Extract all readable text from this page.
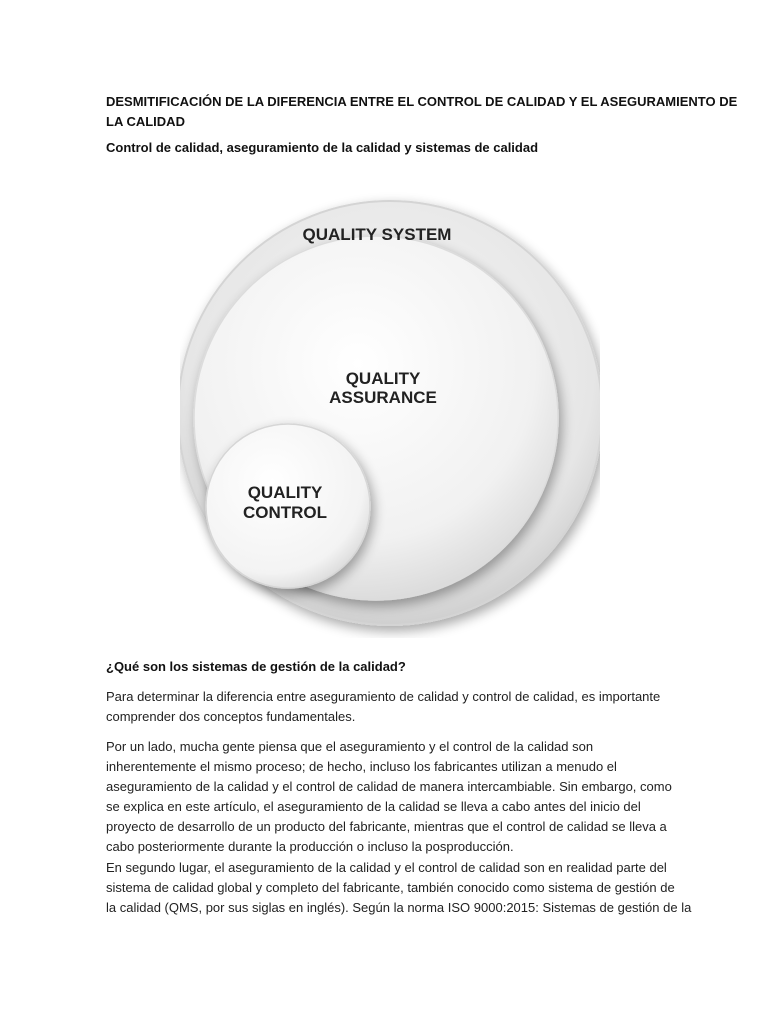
DESMITIFICACIÓN DE LA DIFERENCIA ENTRE EL CONTROL DE CALIDAD Y EL ASEGURAMIENTO DE
LA CALIDAD
Control de calidad, aseguramiento de la calidad y sistemas de calidad
QUALITY SYSTEM
QUALITY
ASSURANCE
QUALITY
CONTROL
¿Qué son los sistemas de gestión de la calidad?
Para determinar la diferencia entre aseguramiento de calidad y control de calidad, es importante
comprender dos conceptos fundamentales.
Por un lado, mucha gente piensa que el aseguramiento y el control de la calidad son
inherentemente el mismo proceso; de hecho, incluso los fabricantes utilizan a menudo el
aseguramiento de la calidad y el control de calidad de manera intercambiable. Sin embargo, como
se explica en este artículo, el aseguramiento de la calidad se lleva a cabo antes del inicio del
proyecto de desarrollo de un producto del fabricante, mientras que el control de calidad se lleva a
cabo posteriormente durante la producción o incluso la posproducción.
En segundo lugar, el aseguramiento de la calidad y el control de calidad son en realidad parte del
sistema de calidad global y completo del fabricante, también conocido como sistema de gestión de
la calidad (QMS, por sus siglas en inglés). Según la norma ISO 9000:2015: Sistemas de gestión de la
